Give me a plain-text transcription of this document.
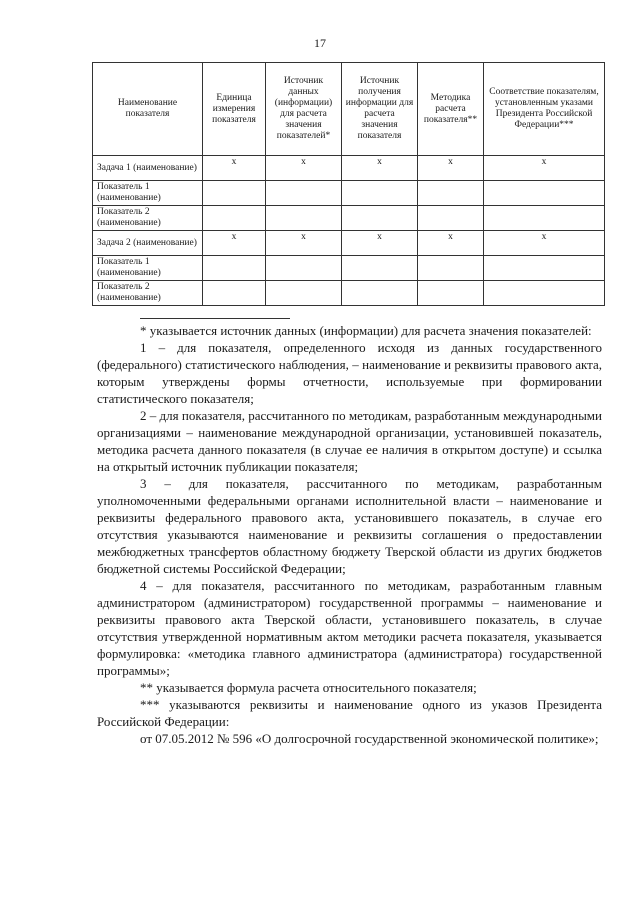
17
Наименование показателя	Единица измерения показателя	Источник данных (информации) для расчета значения показателей*	Источник получения информации для расчета значения показателя	Методика расчета показателя**	Соответствие показателям, установленным указами Президента Российской Федерации***
Задача 1 (наименование)	x	x	x	x	x
Показатель 1 (наименование)					
Показатель 2 (наименование)					
Задача 2 (наименование)	x	x	x	x	x
Показатель 1 (наименование)					
Показатель 2 (наименование)					

* указывается источник данных (информации) для расчета значения показателей:

1 – для показателя, определенного исходя из данных государственного (федерального) статистического наблюдения, – наименование и реквизиты правового акта, которым утверждены формы отчетности, используемые при формировании статистического показателя;

2 – для показателя, рассчитанного по методикам, разработанным международными организациями – наименование международной организации, установившей показатель, методика расчета данного показателя (в случае ее наличия в открытом доступе) и ссылка на открытый источник публикации показателя;

3 – для показателя, рассчитанного по методикам, разработанным уполномоченными федеральными органами исполнительной власти – наименование и реквизиты федерального правового акта, установившего показатель, в случае его отсутствия указываются наименование и реквизиты соглашения о предоставлении межбюджетных трансфертов областному бюджету Тверской области из других бюджетов бюджетной системы Российской Федерации;

4 – для показателя, рассчитанного по методикам, разработанным главным администратором (администратором) государственной программы – наименование и реквизиты правового акта Тверской области, установившего показатель, в случае отсутствия утвержденной нормативным актом методики расчета показателя, указывается формулировка: «методика главного администратора (администратора) государственной программы»;

** указывается формула расчета относительного показателя;

*** указываются реквизиты и наименование одного из указов Президента Российской Федерации:

от 07.05.2012 № 596 «О долгосрочной государственной экономической политике»;
